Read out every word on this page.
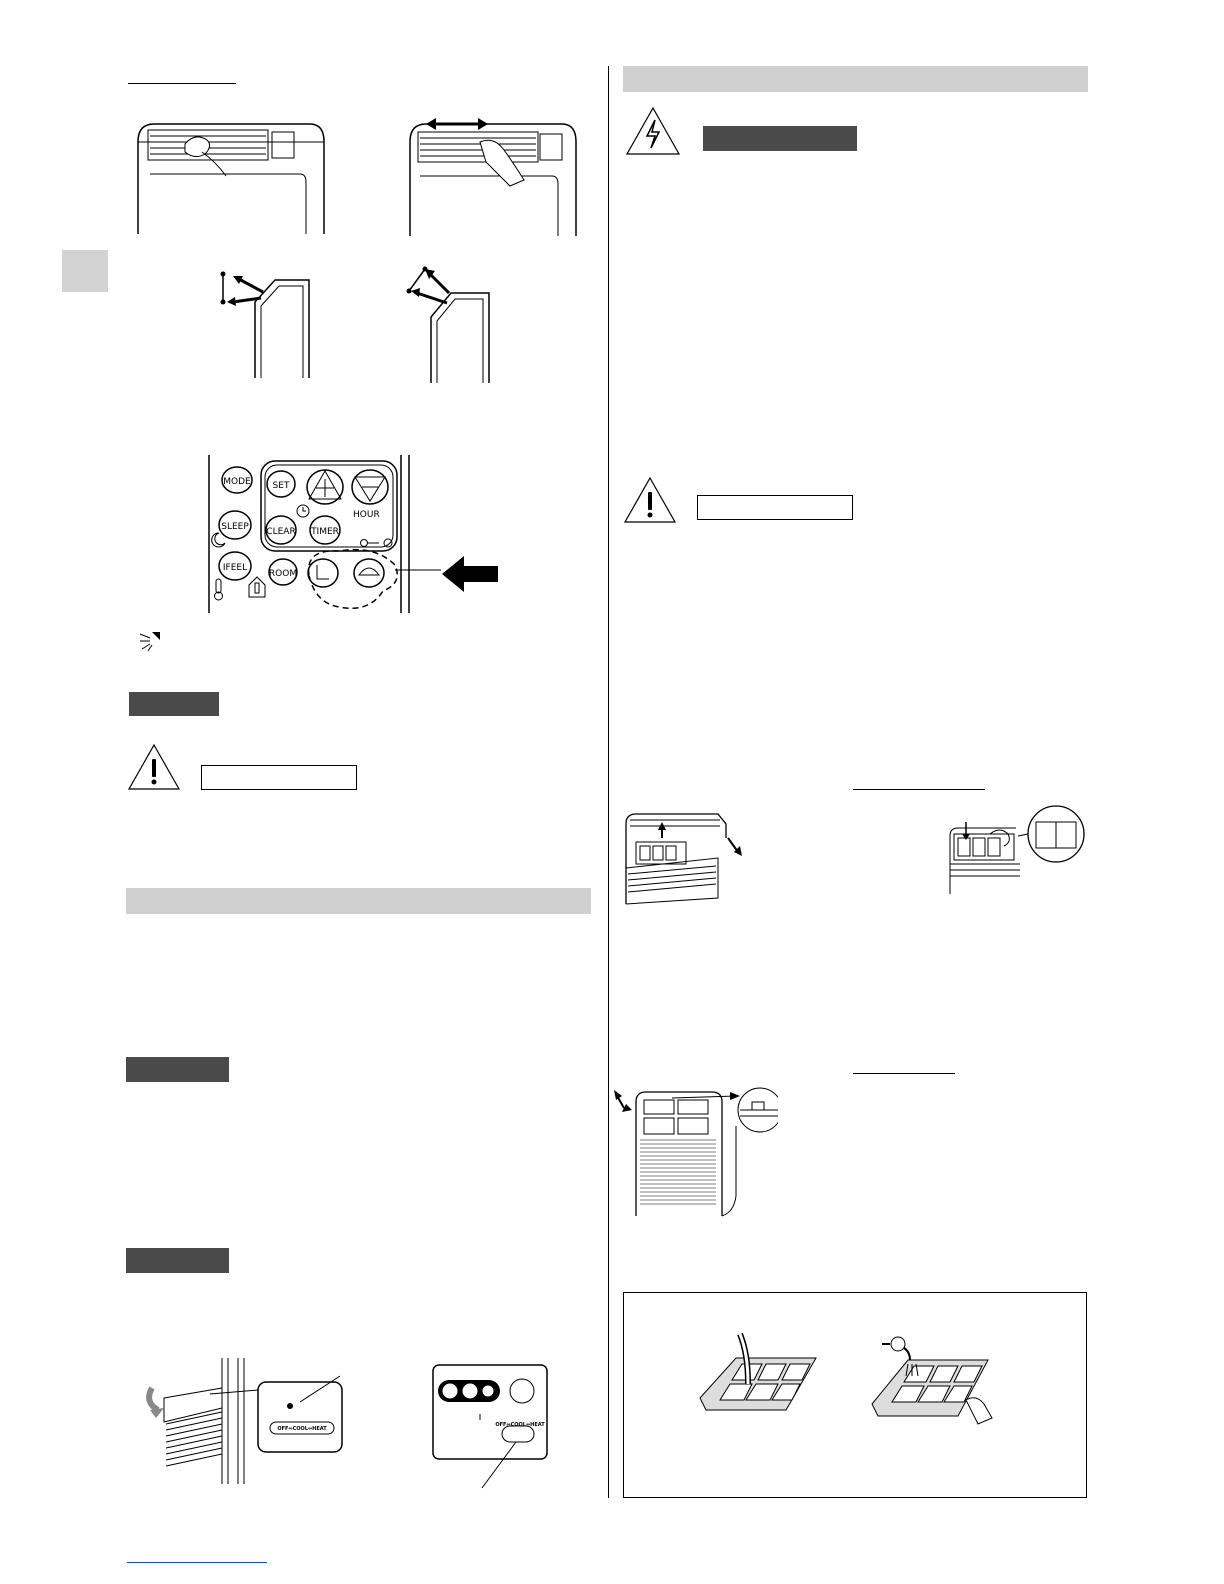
MODE SET
SLEEP CLEAR TIMER
HOUR
IFEEL
ROOM
OFF⇔COOL⇔HEAT
OFF⇔COOL⇔HEAT
